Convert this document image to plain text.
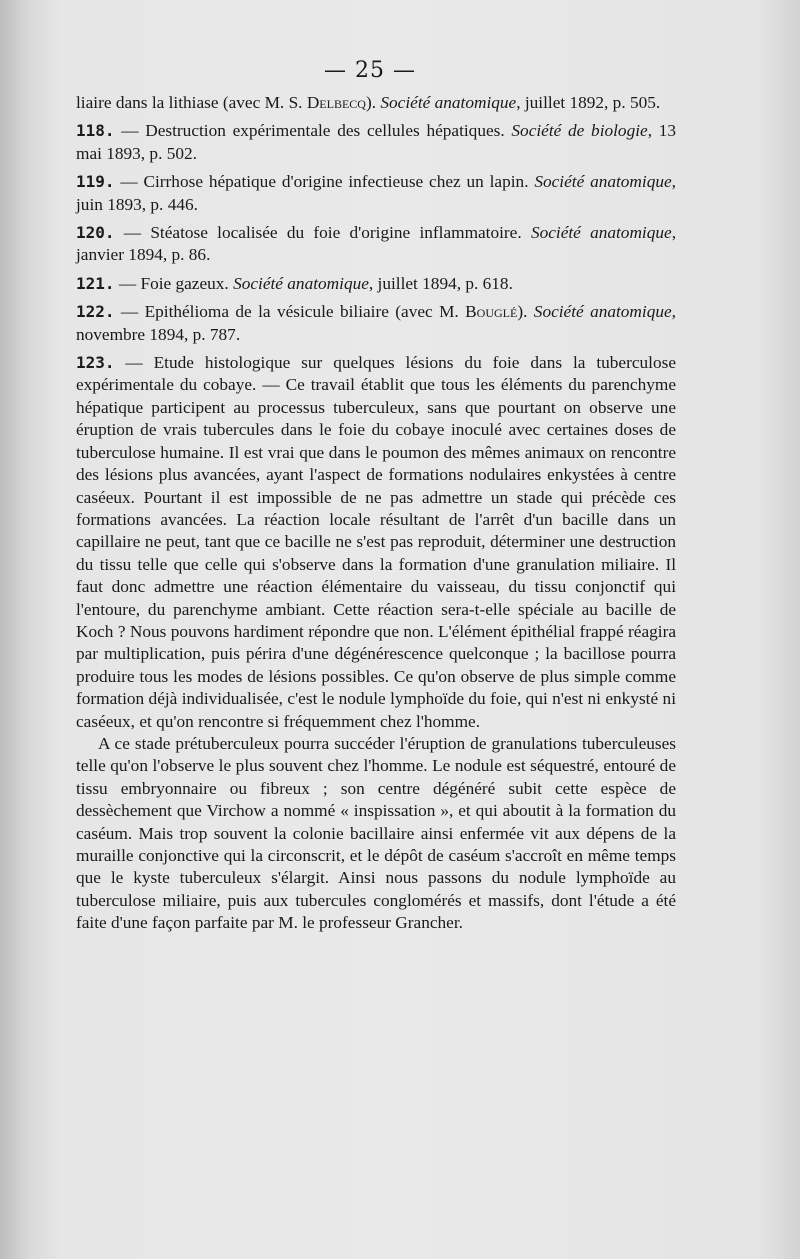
— 25 —

liaire dans la lithiase (avec M. S. Delbecq). Société anatomique, juillet 1892, p. 505.

118. — Destruction expérimentale des cellules hépatiques. Société de biologie, 13 mai 1893, p. 502.

119. — Cirrhose hépatique d'origine infectieuse chez un lapin. Société anatomique, juin 1893, p. 446.

120. — Stéatose localisée du foie d'origine inflammatoire. Société anatomique, janvier 1894, p. 86.

121. — Foie gazeux. Société anatomique, juillet 1894, p. 618.

122. — Epithélioma de la vésicule biliaire (avec M. Bouglé). Société anatomique, novembre 1894, p. 787.

123. — Etude histologique sur quelques lésions du foie dans la tuberculose expérimentale du cobaye. — Ce travail établit que tous les éléments du parenchyme hépatique participent au processus tuberculeux, sans que pourtant on observe une éruption de vrais tubercules dans le foie du cobaye inoculé avec certaines doses de tuberculose humaine. Il est vrai que dans le poumon des mêmes animaux on rencontre des lésions plus avancées, ayant l'aspect de formations nodulaires enkystées à centre caséeux. Pourtant il est impossible de ne pas admettre un stade qui précède ces formations avancées. La réaction locale résultant de l'arrêt d'un bacille dans un capillaire ne peut, tant que ce bacille ne s'est pas reproduit, déterminer une destruction du tissu telle que celle qui s'observe dans la formation d'une granulation miliaire. Il faut donc admettre une réaction élémentaire du vaisseau, du tissu conjonctif qui l'entoure, du parenchyme ambiant. Cette réaction sera-t-elle spéciale au bacille de Koch ? Nous pouvons hardiment répondre que non. L'élément épithélial frappé réagira par multiplication, puis périra d'une dégénérescence quelconque ; la bacillose pourra produire tous les modes de lésions possibles. Ce qu'on observe de plus simple comme formation déjà individualisée, c'est le nodule lymphoïde du foie, qui n'est ni enkysté ni caséeux, et qu'on rencontre si fréquemment chez l'homme.

A ce stade prétuberculeux pourra succéder l'éruption de granulations tuberculeuses telle qu'on l'observe le plus souvent chez l'homme. Le nodule est séquestré, entouré de tissu embryonnaire ou fibreux ; son centre dégénéré subit cette espèce de dessèchement que Virchow a nommé « inspissation », et qui aboutit à la formation du caséum. Mais trop souvent la colonie bacillaire ainsi enfermée vit aux dépens de la muraille conjonctive qui la circonscrit, et le dépôt de caséum s'accroît en même temps que le kyste tuberculeux s'élargit. Ainsi nous passons du nodule lymphoïde au tuberculose miliaire, puis aux tubercules conglomérés et massifs, dont l'étude a été faite d'une façon parfaite par M. le professeur Grancher.
